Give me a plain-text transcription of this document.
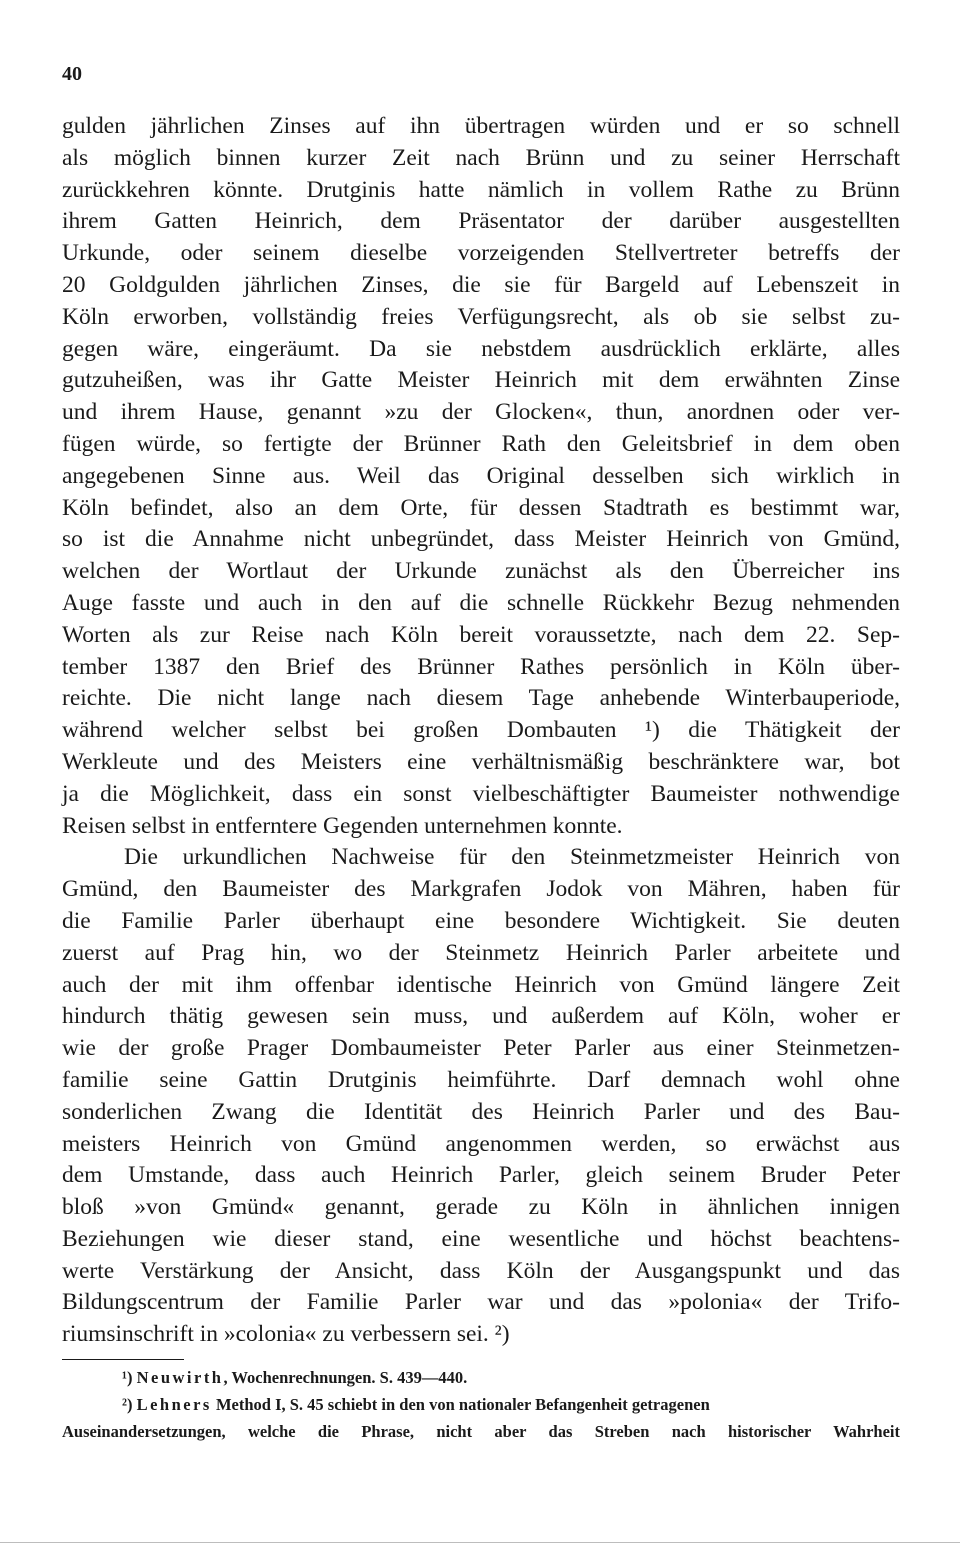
40
gulden jährlichen Zinses auf ihn übertragen würden und er so schnell
als möglich binnen kurzer Zeit nach Brünn und zu seiner Herrschaft
zurückkehren könnte. Drutginis hatte nämlich in vollem Rathe zu Brünn
ihrem Gatten Heinrich, dem Präsentator der darüber ausgestellten
Urkunde, oder seinem dieselbe vorzeigenden Stellvertreter betreffs der
20 Goldgulden jährlichen Zinses, die sie für Bargeld auf Lebenszeit in
Köln erworben, vollständig freies Verfügungsrecht, als ob sie selbst zu-
gegen wäre, eingeräumt. Da sie nebstdem ausdrücklich erklärte, alles
gutzuheißen, was ihr Gatte Meister Heinrich mit dem erwähnten Zinse
und ihrem Hause, genannt »zu der Glocken«, thun, anordnen oder ver-
fügen würde, so fertigte der Brünner Rath den Geleitsbrief in dem oben
angegebenen Sinne aus. Weil das Original desselben sich wirklich in
Köln befindet, also an dem Orte, für dessen Stadtrath es bestimmt war,
so ist die Annahme nicht unbegründet, dass Meister Heinrich von Gmünd,
welchen der Wortlaut der Urkunde zunächst als den Überreicher ins
Auge fasste und auch in den auf die schnelle Rückkehr Bezug nehmenden
Worten als zur Reise nach Köln bereit voraussetzte, nach dem 22. Sep-
tember 1387 den Brief des Brünner Rathes persönlich in Köln über-
reichte. Die nicht lange nach diesem Tage anhebende Winterbauperiode,
während welcher selbst bei großen Dombauten ¹) die Thätigkeit der
Werkleute und des Meisters eine verhältnismäßig beschränktere war, bot
ja die Möglichkeit, dass ein sonst vielbeschäftigter Baumeister nothwendige
Reisen selbst in entferntere Gegenden unternehmen konnte.
Die urkundlichen Nachweise für den Steinmetzmeister Heinrich von
Gmünd, den Baumeister des Markgrafen Jodok von Mähren, haben für
die Familie Parler überhaupt eine besondere Wichtigkeit. Sie deuten
zuerst auf Prag hin, wo der Steinmetz Heinrich Parler arbeitete und
auch der mit ihm offenbar identische Heinrich von Gmünd längere Zeit
hindurch thätig gewesen sein muss, und außerdem auf Köln, woher er
wie der große Prager Dombaumeister Peter Parler aus einer Steinmetzen-
familie seine Gattin Drutginis heimführte. Darf demnach wohl ohne
sonderlichen Zwang die Identität des Heinrich Parler und des Bau-
meisters Heinrich von Gmünd angenommen werden, so erwächst aus
dem Umstande, dass auch Heinrich Parler, gleich seinem Bruder Peter
bloß »von Gmünd« genannt, gerade zu Köln in ähnlichen innigen
Beziehungen wie dieser stand, eine wesentliche und höchst beachtens-
werte Verstärkung der Ansicht, dass Köln der Ausgangspunkt und das
Bildungscentrum der Familie Parler war und das »polonia« der Trifo-
riumsinschrift in »colonia« zu verbessern sei. ²)
¹) Neuwirth, Wochenrechnungen. S. 439—440.
²) Lehners Method I, S. 45 schiebt in den von nationaler Befangenheit getragenen
Auseinandersetzungen, welche die Phrase, nicht aber das Streben nach historischer Wahrheit
